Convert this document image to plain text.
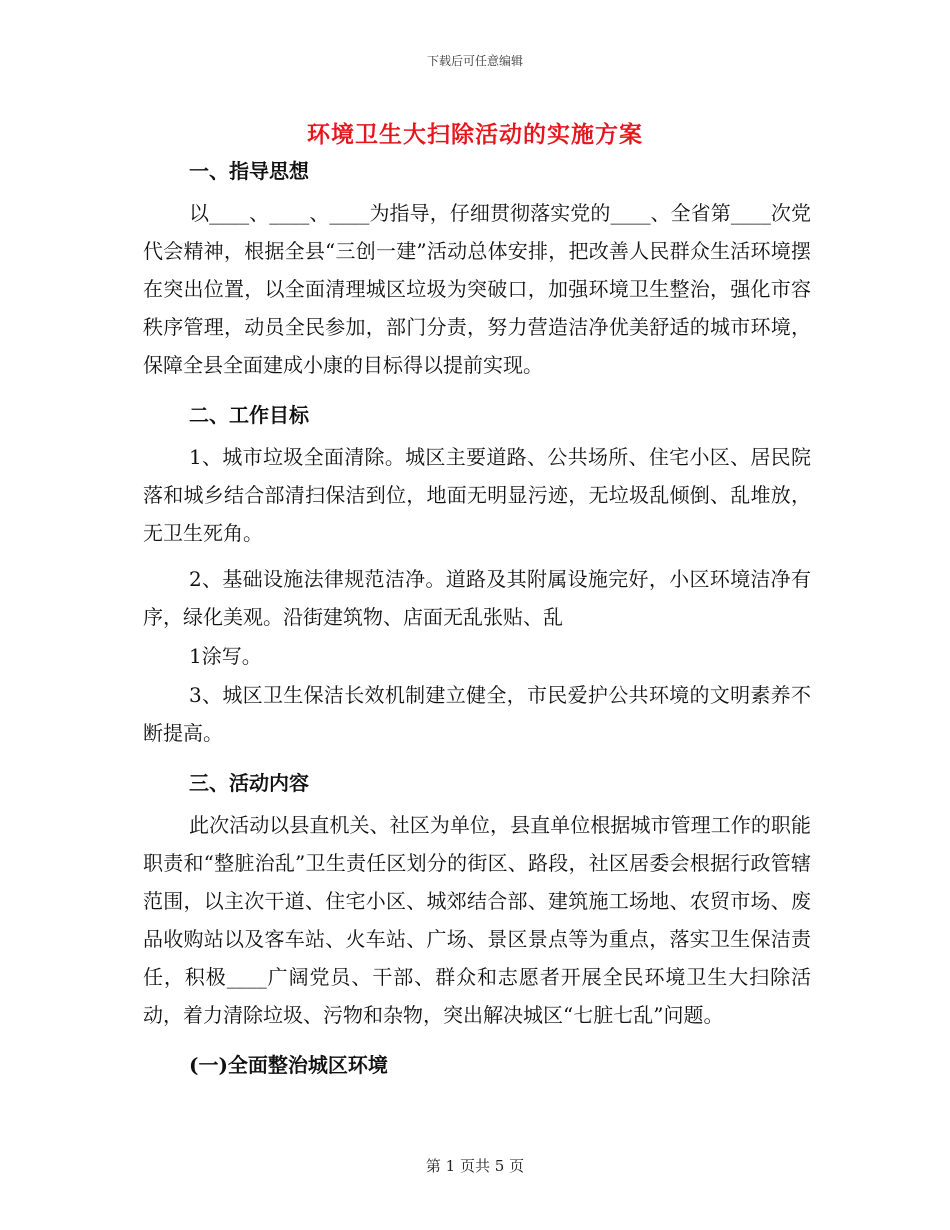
下载后可任意编辑
环境卫生大扫除活动的实施方案
一、指导思想

以____、____、____为指导，仔细贯彻落实党的____、全省第____次党代会精神，根据全县“三创一建”活动总体安排，把改善人民群众生活环境摆在突出位置，以全面清理城区垃圾为突破口，加强环境卫生整治，强化市容秩序管理，动员全民参加，部门分责，努力营造洁净优美舒适的城市环境，保障全县全面建成小康的目标得以提前实现。

二、工作目标

1、城市垃圾全面清除。城区主要道路、公共场所、住宅小区、居民院落和城乡结合部清扫保洁到位，地面无明显污迹，无垃圾乱倾倒、乱堆放，无卫生死角。

2、基础设施法律规范洁净。道路及其附属设施完好，小区环境洁净有序，绿化美观。沿街建筑物、店面无乱张贴、乱

1涂写。

3、城区卫生保洁长效机制建立健全，市民爱护公共环境的文明素养不断提高。

三、活动内容

此次活动以县直机关、社区为单位，县直单位根据城市管理工作的职能职责和“整脏治乱”卫生责任区划分的街区、路段，社区居委会根据行政管辖范围，以主次干道、住宅小区、城郊结合部、建筑施工场地、农贸市场、废品收购站以及客车站、火车站、广场、景区景点等为重点，落实卫生保洁责任，积极____广阔党员、干部、群众和志愿者开展全民环境卫生大扫除活动，着力清除垃圾、污物和杂物，突出解决城区“七脏七乱”问题。

(一)全面整治城区环境
第 1 页共 5 页
